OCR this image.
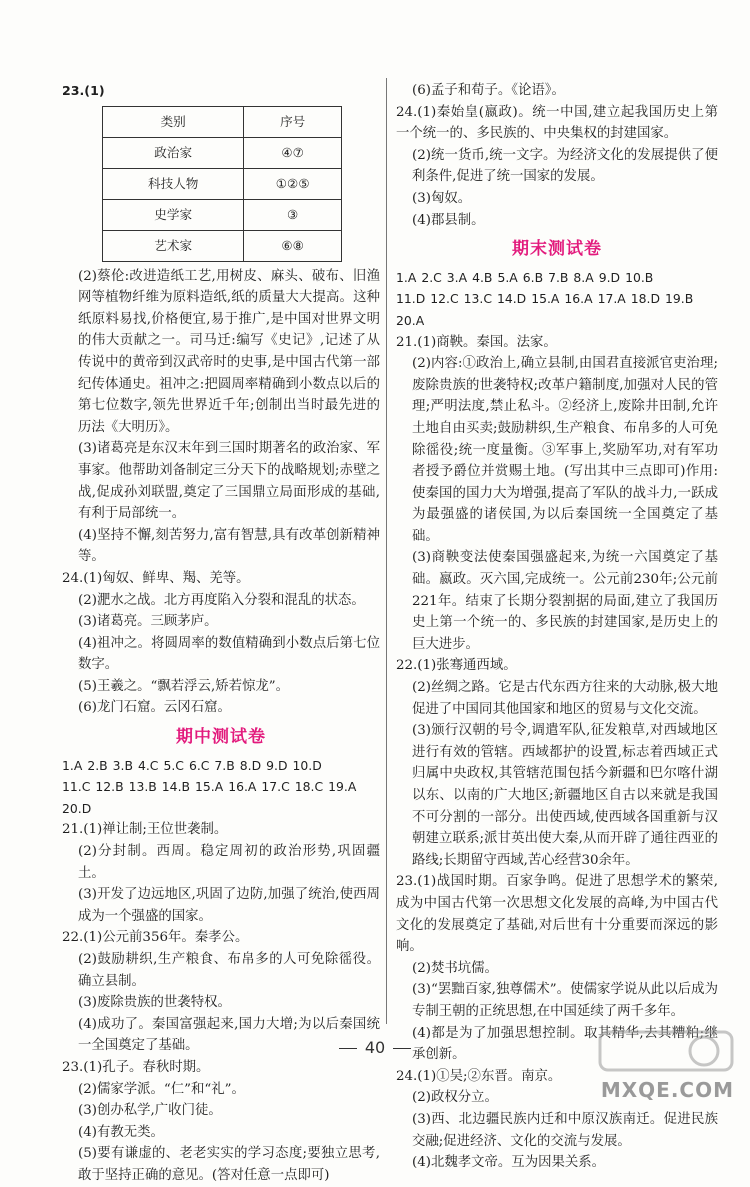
23.(1)

类别	序号
政治家	④⑦
科技人物	①②⑤
史学家	③
艺术家	⑥⑧

(2)蔡伦:改进造纸工艺,用树皮、麻头、破布、旧渔网等植物纤维为原料造纸,纸的质量大大提高。这种纸原料易找,价格便宜,易于推广,是中国对世界文明的伟大贡献之一。司马迁:编写《史记》,记述了从传说中的黄帝到汉武帝时的史事,是中国古代第一部纪传体通史。祖冲之:把圆周率精确到小数点以后的第七位数字,领先世界近千年;创制出当时最先进的历法《大明历》。

(3)诸葛亮是东汉末年到三国时期著名的政治家、军事家。他帮助刘备制定三分天下的战略规划;赤壁之战,促成孙刘联盟,奠定了三国鼎立局面形成的基础,有利于局部统一。

(4)坚持不懈,刻苦努力,富有智慧,具有改革创新精神等。

24.(1)匈奴、鲜卑、羯、羌等。

(2)淝水之战。北方再度陷入分裂和混乱的状态。

(3)诸葛亮。三顾茅庐。

(4)祖冲之。将圆周率的数值精确到小数点后第七位数字。

(5)王羲之。“飘若浮云,矫若惊龙”。

(6)龙门石窟。云冈石窟。

期中测试卷

1.A 2.B 3.B 4.C 5.C 6.C 7.B 8.D 9.D 10.D

11.C 12.B 13.B 14.B 15.A 16.A 17.C 18.C 19.A

20.D

21.(1)禅让制;王位世袭制。

(2)分封制。西周。稳定周初的政治形势,巩固疆土。

(3)开发了边远地区,巩固了边防,加强了统治,使西周成为一个强盛的国家。

22.(1)公元前356年。秦孝公。

(2)鼓励耕织,生产粮食、布帛多的人可免除徭役。确立县制。

(3)废除贵族的世袭特权。

(4)成功了。秦国富强起来,国力大增;为以后秦国统一全国奠定了基础。

23.(1)孔子。春秋时期。

(2)儒家学派。“仁”和“礼”。

(3)创办私学,广收门徒。

(4)有教无类。

(5)要有谦虚的、老老实实的学习态度;要独立思考,敢于坚持正确的意见。(答对任意一点即可)

(6)孟子和荀子。《论语》。

24.(1)秦始皇(嬴政)。统一中国,建立起我国历史上第一个统一的、多民族的、中央集权的封建国家。

(2)统一货币,统一文字。为经济文化的发展提供了便利条件,促进了统一国家的发展。

(3)匈奴。

(4)郡县制。

期末测试卷

1.A 2.C 3.A 4.B 5.A 6.B 7.B 8.A 9.D 10.B

11.D 12.C 13.C 14.D 15.A 16.A 17.A 18.D 19.B

20.A

21.(1)商鞅。秦国。法家。

(2)内容:①政治上,确立县制,由国君直接派官吏治理;废除贵族的世袭特权;改革户籍制度,加强对人民的管理;严明法度,禁止私斗。②经济上,废除井田制,允许土地自由买卖;鼓励耕织,生产粮食、布帛多的人可免除徭役;统一度量衡。③军事上,奖励军功,对有军功者授予爵位并赏赐土地。(写出其中三点即可)作用:使秦国的国力大为增强,提高了军队的战斗力,一跃成为最强盛的诸侯国,为以后秦国统一全国奠定了基础。

(3)商鞅变法使秦国强盛起来,为统一六国奠定了基础。嬴政。灭六国,完成统一。公元前230年;公元前221年。结束了长期分裂割据的局面,建立了我国历史上第一个统一的、多民族的封建国家,是历史上的巨大进步。

22.(1)张骞通西域。

(2)丝绸之路。它是古代东西方往来的大动脉,极大地促进了中国同其他国家和地区的贸易与文化交流。

(3)颁行汉朝的号令,调遣军队,征发粮草,对西域地区进行有效的管辖。西域都护的设置,标志着西域正式归属中央政权,其管辖范围包括今新疆和巴尔喀什湖以东、以南的广大地区;新疆地区自古以来就是我国不可分割的一部分。出使西域,使西域各国重新与汉朝建立联系;派甘英出使大秦,从而开辟了通往西亚的路线;长期留守西域,苦心经营30余年。

23.(1)战国时期。百家争鸣。促进了思想学术的繁荣,成为中国古代第一次思想文化发展的高峰,为中国古代文化的发展奠定了基础,对后世有十分重要而深远的影响。

(2)焚书坑儒。

(3)“罢黜百家,独尊儒术”。使儒家学说从此以后成为专制王朝的正统思想,在中国延续了两千多年。

(4)都是为了加强思想控制。取其精华,去其糟粕;继承创新。

24.(1)①吴;②东晋。南京。

(2)政权分立。

(3)西、北边疆民族内迁和中原汉族南迁。促进民族交融;促进经济、文化的交流与发展。

(4)北魏孝文帝。互为因果关系。

40
MXQE.COM
